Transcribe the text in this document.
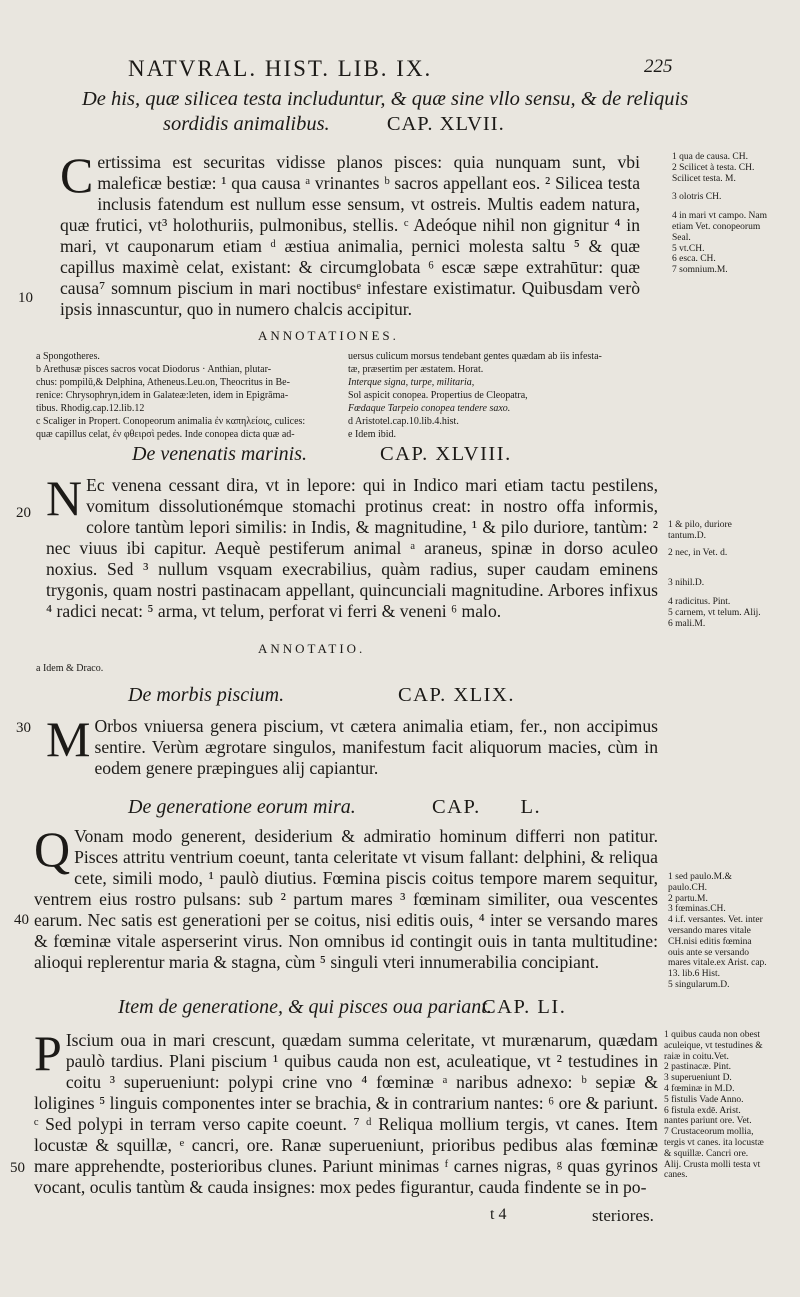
NATVRAL. HIST. LIB. IX.	225
De his, quæ silicea testa includuntur, & quæ sine vllo sensu, & de reliquis
sordidis animalibus.	CAP. XLVII.
C ertissima est securitas vidisse planos pisces: quia nunquam sunt, vbi maleficæ bestiæ: ¹ qua causa ᵃ vrinantes ᵇ sacros appellant eos. ² Silicea testa inclusis fatendum est nullum esse sensum, vt ostreis. Multis eadem natura, quæ frutici, vt³ holothuriis, pulmonibus, stellis. ᶜ Adeóque nihil non gignitur ⁴ in mari, vt cauponarum etiam ᵈ æstiua animalia, pernici molesta saltu ⁵ & quæ capillus maximè celat, existant: & circumglobata ⁶ escæ sæpe extrahūtur: quæ causa⁷ somnum piscium in mari noctibusᵉ infestare existimatur. Quibusdam verò ipsis innascuntur, quo in numero chalcis accipitur.

10
1 qua de causa. CH.
2 Scilicet à testa. CH. Scilicet testa. M.
3 olotris CH.
4 in mari vt campo. Nam etiam Vet. conopeorum Seal.
5 vt.CH.
6 esca. CH.
7 somnium.M.
ANNOTATIONES.
a Spongotheres.
b Arethusæ pisces sacros vocat Diodorus · Anthian, plutar-
chus: pompilū,& Delphina, Atheneus.Leu.on, Theocritus in Be-
renice: Chrysophryn,idem in Galateæ:leten, idem in Epigrāma-
tibus. Rhodig.cap.12.lib.12
c Scaliger in Propert. Conopeorum animalia ἐν καπηλείοις, culices:
quæ capillus celat, ἐν φθειρσὶ pedes. Inde conopea dicta quæ ad-
uersus culicum morsus tendebant gentes quædam ab iis infesta-
tæ, præsertim per æstatem. Horat.
Interque signa, turpe, militaria,
Sol aspicit conopea. Propertius de Cleopatra,
Fœdaque Tarpeio conopea tendere saxo.
d Aristotel.cap.10.lib.4.hist.
e Idem ibid.
De venenatis marinis.	CAP. XLVIII.
N Ec venena cessant dira, vt in lepore: qui in Indico mari etiam tactu pestilens, vomitum dissolutionémque stomachi protinus creat: in nostro offa informis, colore tantùm lepori similis: in Indis, & magnitudine, ¹ & pilo duriore, tantùm: ² nec viuus ibi capitur. Aequè pestiferum animal ᵃ araneus, spinæ in dorso aculeo noxius. Sed ³ nullum vsquam execrabilius, quàm radius, super caudam eminens trygonis, quam nostri pastinacam appellant, quincunciali magnitudine. Arbores infixus ⁴ radici necat: ⁵ arma, vt telum, perforat vi ferri & veneni ⁶ malo.

20
1 & pilo, duriore tantum.D.
2 nec, in Vet. d.
3 nihil.D.
4 radicitus. Pint.
5 carnem, vt telum. Alij.
6 mali.M.
ANNOTATIO.
a Idem & Draco.
De morbis piscium.	CAP. XLIX.
M Orbos vniuersa genera piscium, vt cætera animalia etiam, fer., non accipimus sentire. Verùm ægrotare singulos, manifestum facit aliquorum macies, cùm in eodem genere præpingues alij capiantur.

30
De generatione eorum mira.	CAP.      L.
Q Vonam modo generent, desiderium & admiratio hominum differri non patitur. Pisces attritu ventrium coeunt, tanta celeritate vt visum fallant: delphini, & reliqua cete, simili modo, ¹ paulò diutius. Fœmina piscis coitus tempore marem sequitur, ventrem eius rostro pulsans: sub ² partum mares ³ fœminam similiter, oua vescentes earum. Nec satis est generationi per se coitus, nisi editis ouis, ⁴ inter se versando mares & fœminæ vitale asperserint virus. Non omnibus id contingit ouis in tanta multitudine: alioqui replerentur maria & stagna, cùm ⁵ singuli vteri innumerabilia concipiant.

40
1 sed paulo.M.& paulo.CH.
2 partu.M.
3 fœminas.CH.
4 i.f. versantes. Vet. inter versando mares vitale CH.nisi editis fœmina ouis ante se versando mares vitale.ex Arist. cap. 13. lib.6 Hist.
5 singularum.D.
Item de generatione, & qui pisces oua pariant.
CAP. LI.
P Iscium oua in mari crescunt, quædam summa celeritate, vt murænarum, quædam paulò tardius. Plani piscium ¹ quibus cauda non est, aculeatique, vt ² testudines in coitu ³ superueniunt: polypi crine vno ⁴ fœminæ ᵃ naribus adnexo: ᵇ sepiæ & loligines ⁵ linguis componentes inter se brachia, & in contrarium nantes: ⁶ ore & pariunt. ᶜ Sed polypi in terram verso capite coeunt. ⁷ ᵈ Reliqua mollium tergis, vt canes. Item locustæ & squillæ, ᵉ cancri, ore. Ranæ superueniunt, prioribus pedibus alas fœminæ mare apprehendte, posterioribus clunes. Pariunt minimas ᶠ carnes nigras, ᵍ quas gyrinos vocant, oculis tantùm & cauda insignes: mox pedes figurantur, cauda findente se in po-

50
1 quibus cauda non obest aculeique, vt testudines & raiæ in coitu.Vet.
2 pastinacæ. Pint.
3 superueniunt D.
4 fœminæ in M.D.
5 fistulis Vade Anno.
6 fistula exdē. Arist. nantes pariunt ore. Vet.
7 Crustaceorum mollia, tergis vt canes. ita locustæ & squillæ. Cancri ore. Alij. Crusta molli testa vt canes.
t 4	steriores.
